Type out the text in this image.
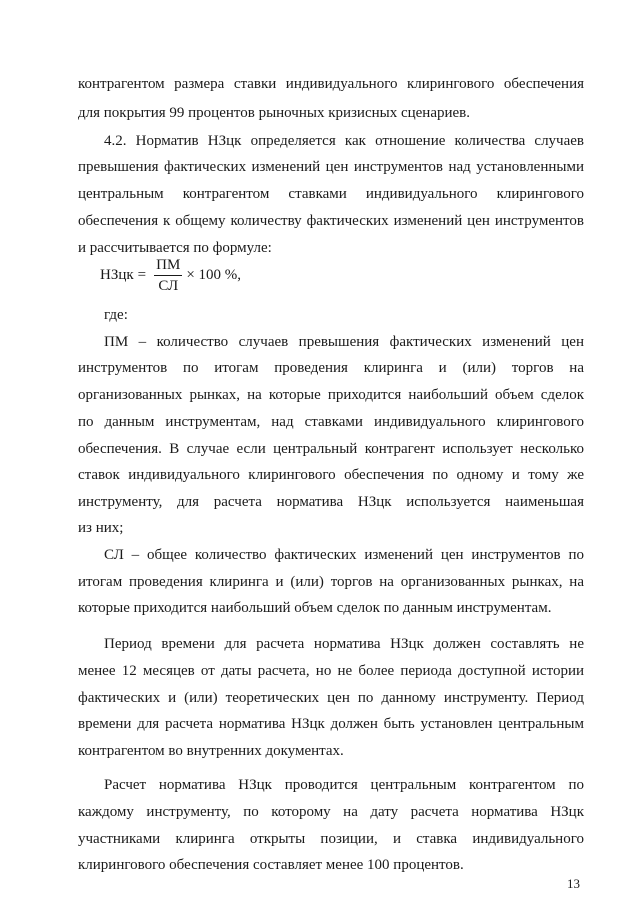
контрагентом размера ставки индивидуального клирингового обеспечения
для покрытия 99 процентов рыночных кризисных сценариев.
4.2. Норматив НЗцк определяется как отношение количества случаев
превышения фактических изменений цен инструментов над установленными
центральным контрагентом ставками индивидуального клирингового
обеспечения к общему количеству фактических изменений цен инструментов
и рассчитывается по формуле:
НЗцк = $\frac{ПМ}{СЛ} \times 100$ %,
где:
ПМ – количество случаев превышения фактических изменений цен
инструментов по итогам проведения клиринга и (или) торгов на
организованных рынках, на которые приходится наибольший объем сделок
по данным инструментам, над ставками индивидуального клирингового
обеспечения. В случае если центральный контрагент использует несколько
ставок индивидуального клирингового обеспечения по одному и тому же
инструменту, для расчета норматива НЗцк используется наименьшая
из них;
СЛ – общее количество фактических изменений цен инструментов по
итогам проведения клиринга и (или) торгов на организованных рынках, на
которые приходится наибольший объем сделок по данным инструментам.
Период времени для расчета норматива НЗцк должен составлять не
менее 12 месяцев от даты расчета, но не более периода доступной истории
фактических и (или) теоретических цен по данному инструменту. Период
времени для расчета норматива НЗцк должен быть установлен центральным
контрагентом во внутренних документах.
Расчет норматива НЗцк проводится центральным контрагентом по
каждому инструменту, по которому на дату расчета норматива НЗцк
участниками клиринга открыты позиции, и ставка индивидуального
клирингового обеспечения составляет менее 100 процентов.
13
